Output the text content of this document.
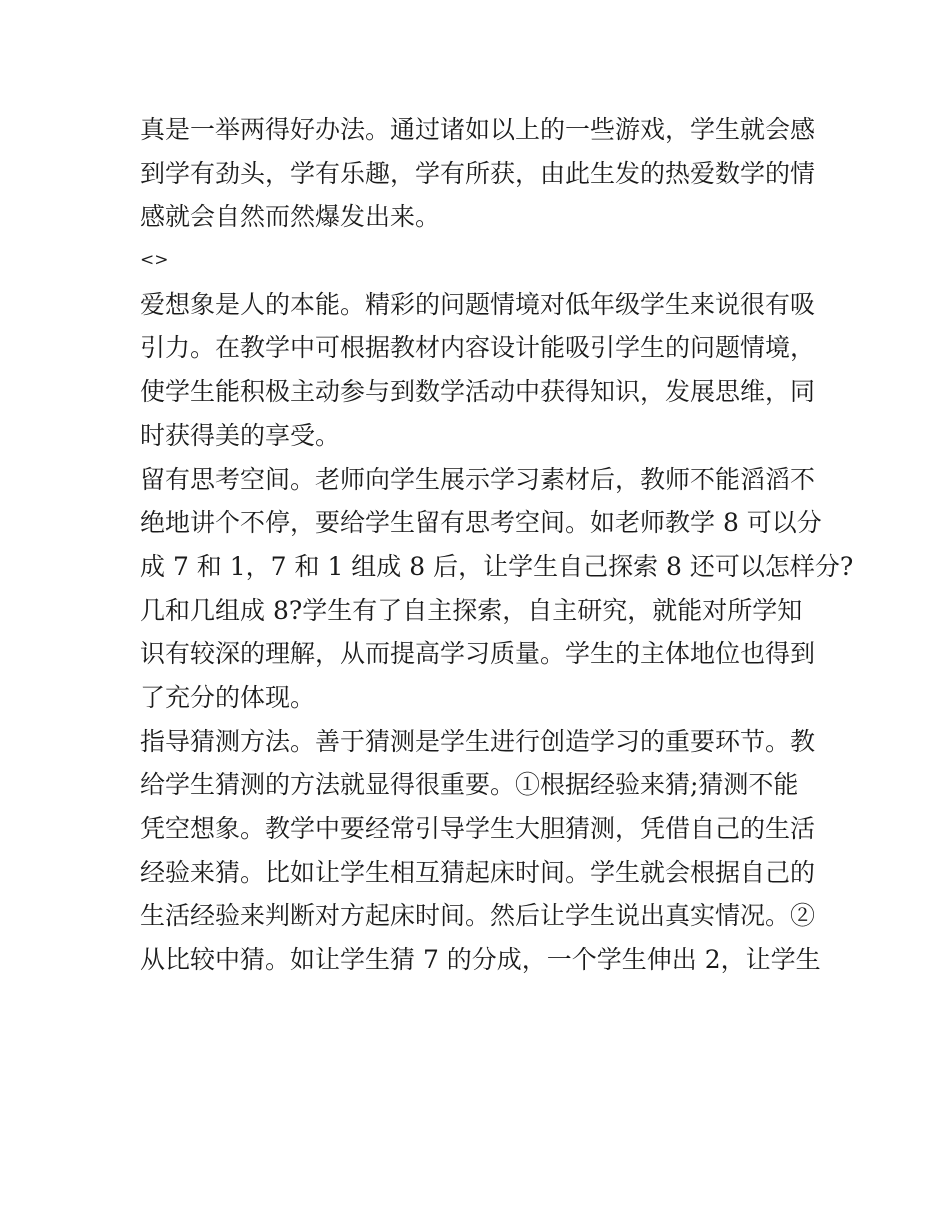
真是一举两得好办法。通过诸如以上的一些游戏，学生就会感
到学有劲头，学有乐趣，学有所获，由此生发的热爱数学的情
感就会自然而然爆发出来。
<>
爱想象是人的本能。精彩的问题情境对低年级学生来说很有吸
引力。在教学中可根据教材内容设计能吸引学生的问题情境，
使学生能积极主动参与到数学活动中获得知识，发展思维，同
时获得美的享受。
留有思考空间。老师向学生展示学习素材后，教师不能滔滔不
绝地讲个不停，要给学生留有思考空间。如老师教学 8 可以分
成 7 和 1，7 和 1 组成 8 后，让学生自己探索 8 还可以怎样分?
几和几组成 8?学生有了自主探索，自主研究，就能对所学知
识有较深的理解，从而提高学习质量。学生的主体地位也得到
了充分的体现。
指导猜测方法。善于猜测是学生进行创造学习的重要环节。教
给学生猜测的方法就显得很重要。①根据经验来猜;猜测不能
凭空想象。教学中要经常引导学生大胆猜测，凭借自己的生活
经验来猜。比如让学生相互猜起床时间。学生就会根据自己的
生活经验来判断对方起床时间。然后让学生说出真实情况。②
从比较中猜。如让学生猜 7 的分成，一个学生伸出 2，让学生
